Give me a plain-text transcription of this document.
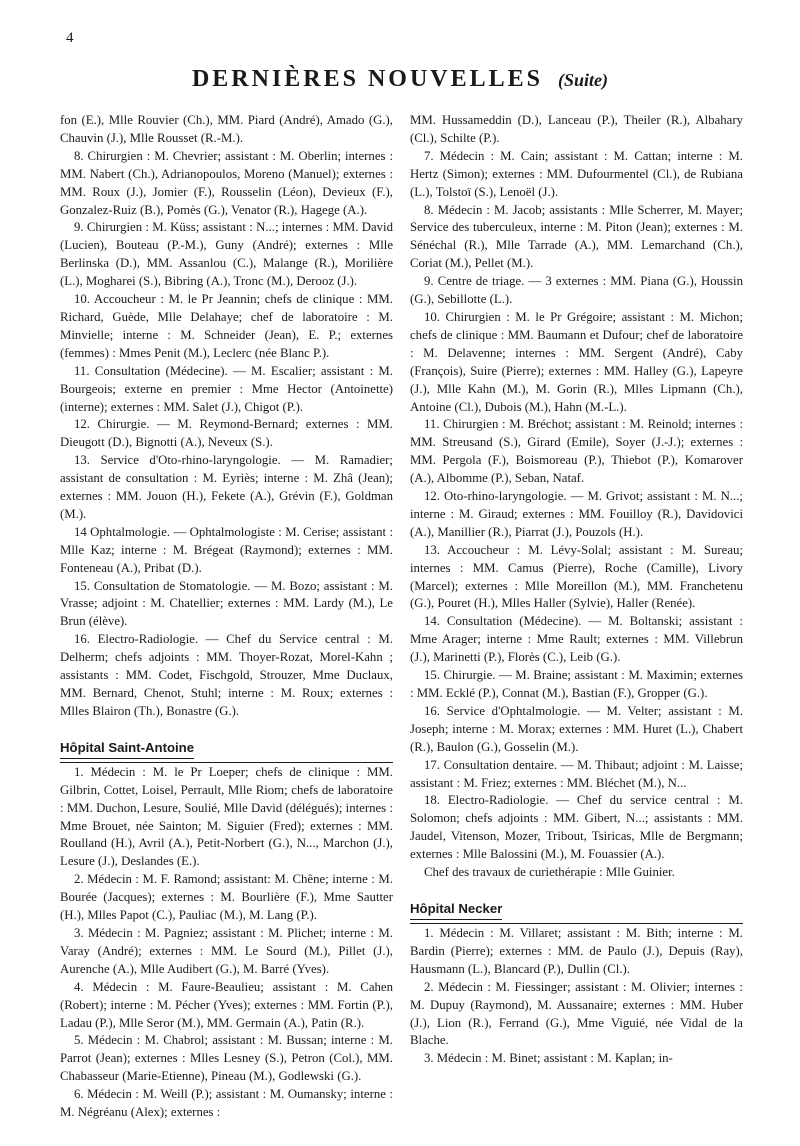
4
DERNIÈRES NOUVELLES (Suite)

fon (E.), Mlle Rouvier (Ch.), MM. Piard (André), Amado (G.), Chauvin (J.), Mlle Rousset (R.-M.).

8. Chirurgien : M. Chevrier; assistant : M. Oberlin; internes : MM. Nabert (Ch.), Adrianopoulos, Moreno (Manuel); externes : MM. Roux (J.), Jomier (F.), Rousselin (Léon), Devieux (F.), Gonzalez-Ruiz (B.), Pomès (G.), Venator (R.), Hagege (A.).

9. Chirurgien : M. Küss; assistant : N...; internes : MM. David (Lucien), Bouteau (P.-M.), Guny (André); externes : Mlle Berlinska (D.), MM. Assanlou (C.), Malange (R.), Morilière (L.), Mogharei (S.), Bibring (A.), Tronc (M.), Derooz (J.).

10. Accoucheur : M. le Pr Jeannin; chefs de clinique : MM. Richard, Guède, Mlle Delahaye; chef de laboratoire : M. Minvielle; interne : M. Schneider (Jean), E. P.; externes (femmes) : Mmes Penit (M.), Leclerc (née Blanc P.).

11. Consultation (Médecine). — M. Escalier; assistant : M. Bourgeois; externe en premier : Mme Hector (Antoinette) (interne); externes : MM. Salet (J.), Chigot (P.).

12. Chirurgie. — M. Reymond-Bernard; externes : MM. Dieugott (D.), Bignotti (A.), Neveux (S.).

13. Service d'Oto-rhino-laryngologie. — M. Ramadier; assistant de consultation : M. Eyriès; interne : M. Zhâ (Jean); externes : MM. Jouon (H.), Fekete (A.), Grévin (F.), Goldman (M.).

14 Ophtalmologie. — Ophtalmologiste : M. Cerise; assistant : Mlle Kaz; interne : M. Brégeat (Raymond); externes : MM. Fonteneau (A.), Pribat (D.).

15. Consultation de Stomatologie. — M. Bozo; assistant : M. Vrasse; adjoint : M. Chatellier; externes : MM. Lardy (M.), Le Brun (élève).

16. Electro-Radiologie. — Chef du Service central : M. Delherm; chefs adjoints : MM. Thoyer-Rozat, Morel-Kahn ; assistants : MM. Codet, Fischgold, Strouzer, Mme Duclaux, MM. Bernard, Chenot, Stuhl; interne : M. Roux; externes : Mlles Blairon (Th.), Bonastre (G.).

Hôpital Saint-Antoine

1. Médecin : M. le Pr Loeper; chefs de clinique : MM. Gilbrin, Cottet, Loisel, Perrault, Mlle Riom; chefs de laboratoire : MM. Duchon, Lesure, Soulié, Mlle David (délégués); internes : Mme Brouet, née Sainton; M. Siguier (Fred); externes : MM. Roulland (H.), Avril (A.), Petit-Norbert (G.), N..., Marchon (J.), Lesure (J.), Deslandes (E.).

2. Médecin : M. F. Ramond; assistant: M. Chêne; interne : M. Bourée (Jacques); externes : M. Bourlière (F.), Mme Sautter (H.), Mlles Papot (C.), Pauliac (M.), M. Lang (P.).

3. Médecin : M. Pagniez; assistant : M. Plichet; interne : M. Varay (André); externes : MM. Le Sourd (M.), Pillet (J.), Aurenche (A.), Mlle Audibert (G.), M. Barré (Yves).

4. Médecin : M. Faure-Beaulieu; assistant : M. Cahen (Robert); interne : M. Pécher (Yves); externes : MM. Fortin (P.), Ladau (P.), Mlle Seror (M.), MM. Germain (A.), Patin (R.).

5. Médecin : M. Chabrol; assistant : M. Bussan; interne : M. Parrot (Jean); externes : Mlles Lesney (S.), Petron (Col.), MM. Chabasseur (Marie-Etienne), Pineau (M.), Godlewski (G.).

6. Médecin : M. Weill (P.); assistant : M. Oumansky; interne : M. Négréanu (Alex); externes :

MM. Hussameddin (D.), Lanceau (P.), Theiler (R.), Albahary (Cl.), Schilte (P.).

7. Médecin : M. Cain; assistant : M. Cattan; interne : M. Hertz (Simon); externes : MM. Dufourmentel (Cl.), de Rubiana (L.), Tolstoï (S.), Lenoël (J.).

8. Médecin : M. Jacob; assistants : Mlle Scherrer, M. Mayer; Service des tuberculeux, interne : M. Piton (Jean); externes : M. Sénéchal (R.), Mlle Tarrade (A.), MM. Lemarchand (Ch.), Coriat (M.), Pellet (M.).

9. Centre de triage. — 3 externes : MM. Piana (G.), Houssin (G.), Sebillotte (L.).

10. Chirurgien : M. le Pr Grégoire; assistant : M. Michon; chefs de clinique : MM. Baumann et Dufour; chef de laboratoire : M. Delavenne; internes : MM. Sergent (André), Caby (François), Suire (Pierre); externes : MM. Halley (G.), Lapeyre (J.), Mlle Kahn (M.), M. Gorin (R.), Mlles Lipmann (Ch.), Antoine (Cl.), Dubois (M.), Hahn (M.-L.).

11. Chirurgien : M. Bréchot; assistant : M. Reinold; internes : MM. Streusand (S.), Girard (Emile), Soyer (J.-J.); externes : MM. Pergola (F.), Boismoreau (P.), Thiebot (P.), Komarover (A.), Albomme (P.), Seban, Nataf.

12. Oto-rhino-laryngologie. — M. Grivot; assistant : M. N...; interne : M. Giraud; externes : MM. Fouilloy (R.), Davidovici (A.), Manillier (R.), Piarrat (J.), Pouzols (H.).

13. Accoucheur : M. Lévy-Solal; assistant : M. Sureau; internes : MM. Camus (Pierre), Roche (Camille), Livory (Marcel); externes : Mlle Moreillon (M.), MM. Franchetenu (G.), Pouret (H.), Mlles Haller (Sylvie), Haller (Renée).

14. Consultation (Médecine). — M. Boltanski; assistant : Mme Arager; interne : Mme Rault; externes : MM. Villebrun (J.), Marinetti (P.), Florès (C.), Leib (G.).

15. Chirurgie. — M. Braine; assistant : M. Maximin; externes : MM. Ecklé (P.), Connat (M.), Bastian (F.), Gropper (G.).

16. Service d'Ophtalmologie. — M. Velter; assistant : M. Joseph; interne : M. Morax; externes : MM. Huret (L.), Chabert (R.), Baulon (G.), Gosselin (M.).

17. Consultation dentaire. — M. Thibaut; adjoint : M. Laisse; assistant : M. Friez; externes : MM. Bléchet (M.), N...

18. Electro-Radiologie. — Chef du service central : M. Solomon; chefs adjoints : MM. Gibert, N...; assistants : MM. Jaudel, Vitenson, Mozer, Tribout, Tsiricas, Mlle de Bergmann; externes : Mlle Balossini (M.), M. Fouassier (A.).

Chef des travaux de curiethérapie : Mlle Guinier.

Hôpital Necker

1. Médecin : M. Villaret; assistant : M. Bith; interne : M. Bardin (Pierre); externes : MM. de Paulo (J.), Depuis (Ray), Hausmann (L.), Blancard (P.), Dullin (Cl.).

2. Médecin : M. Fiessinger; assistant : M. Olivier; internes : M. Dupuy (Raymond), M. Aussanaire; externes : MM. Huber (J.), Lion (R.), Ferrand (G.), Mme Viguié, née Vidal de la Blache.

3. Médecin : M. Binet; assistant : M. Kaplan; in-
